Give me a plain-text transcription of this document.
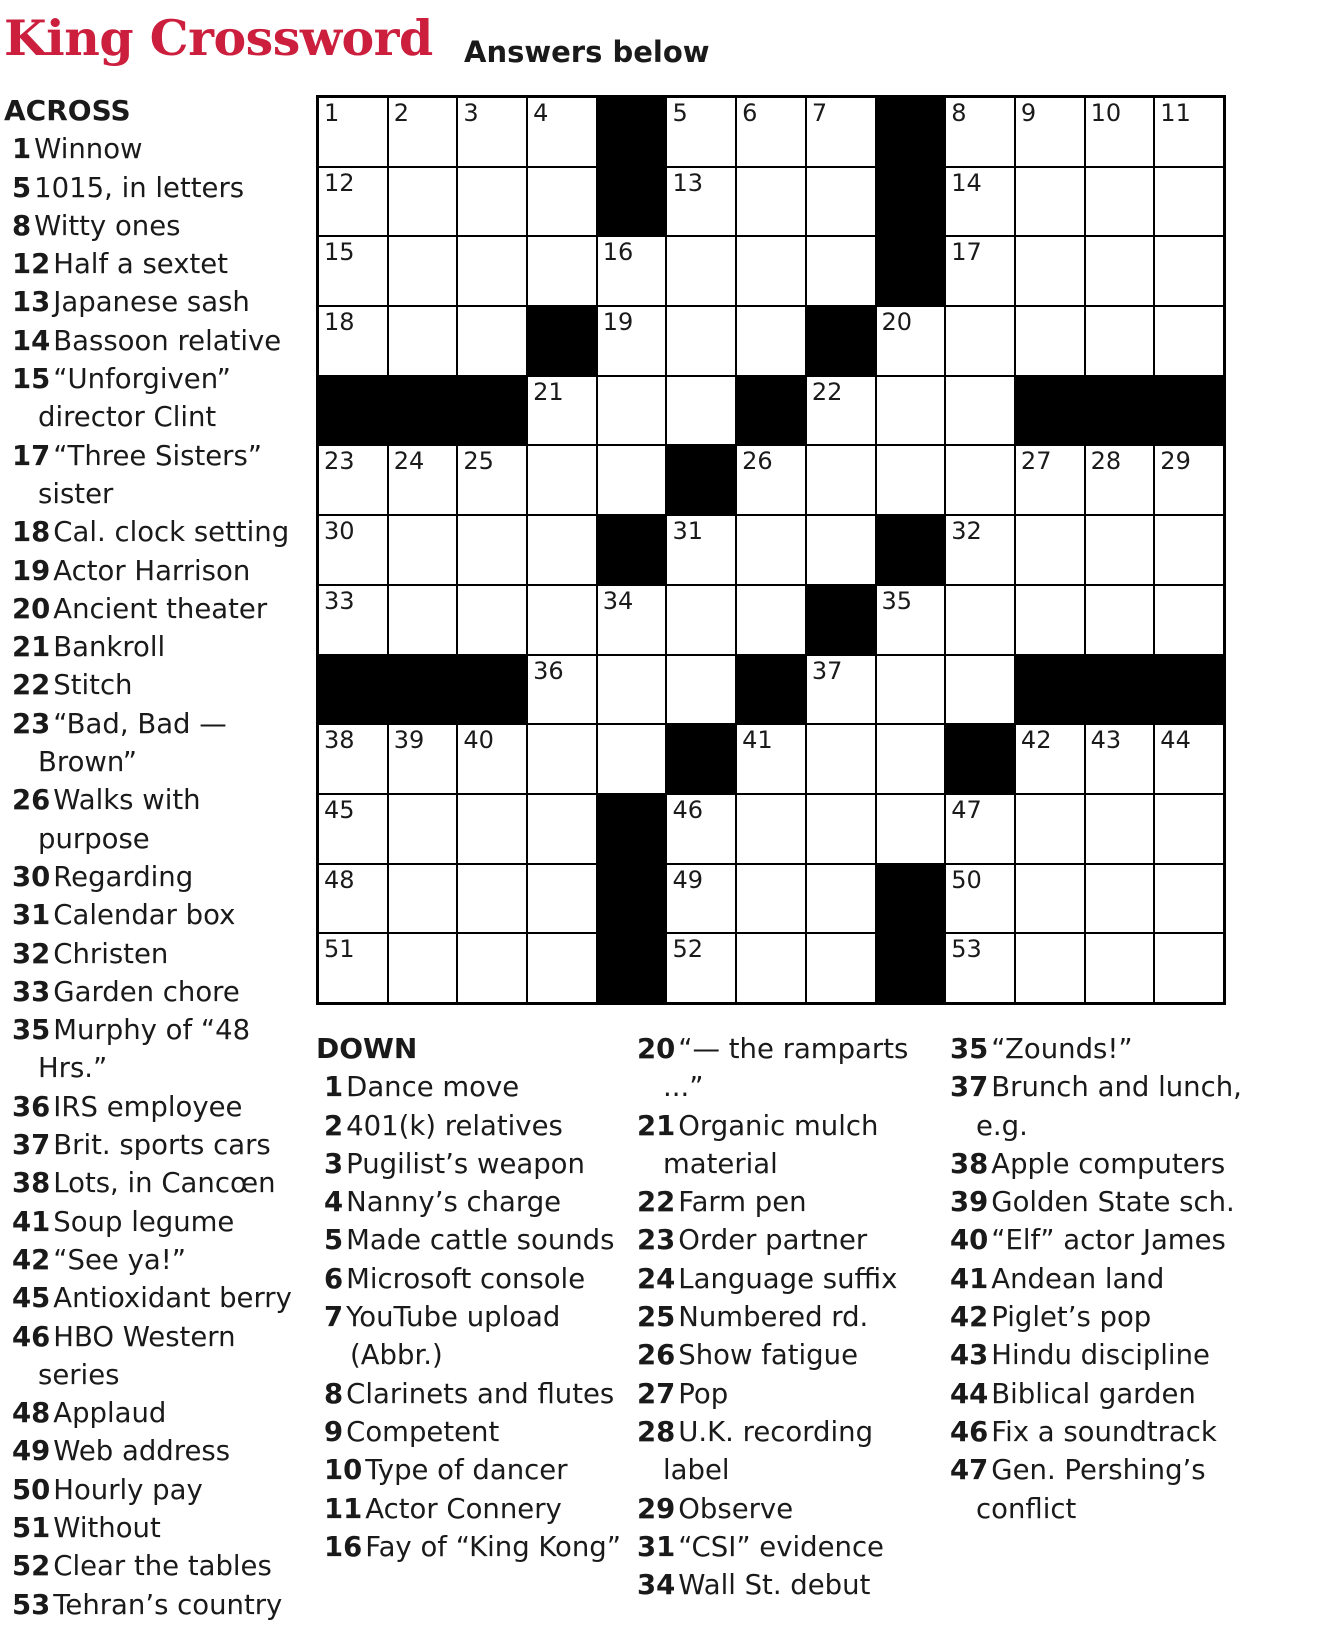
King Crossword Answers below
ACROSS
1 Winnow
5 1015, in letters
8 Witty ones
12 Half a sextet
13 Japanese sash
14 Bassoon relative
15 “Unforgiven” director Clint
17 “Three Sisters” sister
18 Cal. clock setting
19 Actor Harrison
20 Ancient theater
21 Bankroll
22 Stitch
23 “Bad, Bad — Brown”
26 Walks with purpose
30 Regarding
31 Calendar box
32 Christen
33 Garden chore
35 Murphy of “48 Hrs.”
36 IRS employee
37 Brit. sports cars
38 Lots, in Cancœn
41 Soup legume
42 “See ya!”
45 Antioxidant berry
46 HBO Western series
48 Applaud
49 Web address
50 Hourly pay
51 Without
52 Clear the tables
53 Tehran’s country
1 2 3 4	5 6 7	8 9 10 11
12	13	14
15	16	17
18	19	20
21	22
23 24 25	26	27 28 29
30	31	32
33	34	35
36	37
38 39 40	41	42 43 44
45	46	47
48	49	50
51	52	53
DOWN
1 Dance move
2 401(k) relatives
3 Pugilist’s weapon
4 Nanny’s charge
5 Made cattle sounds
6 Microsoft console
7 YouTube upload (Abbr.)
8 Clarinets and flutes
9 Competent
10 Type of dancer
11 Actor Connery
16 Fay of “King Kong”
20 “— the ramparts ...”
21 Organic mulch material
22 Farm pen
23 Order partner
24 Language suffix
25 Numbered rd.
26 Show fatigue
27 Pop
28 U.K. recording label
29 Observe
31 “CSI” evidence
34 Wall St. debut
35 “Zounds!”
37 Brunch and lunch, e.g.
38 Apple computers
39 Golden State sch.
40 “Elf” actor James
41 Andean land
42 Piglet’s pop
43 Hindu discipline
44 Biblical garden
46 Fix a soundtrack
47 Gen. Pershing’s conflict
